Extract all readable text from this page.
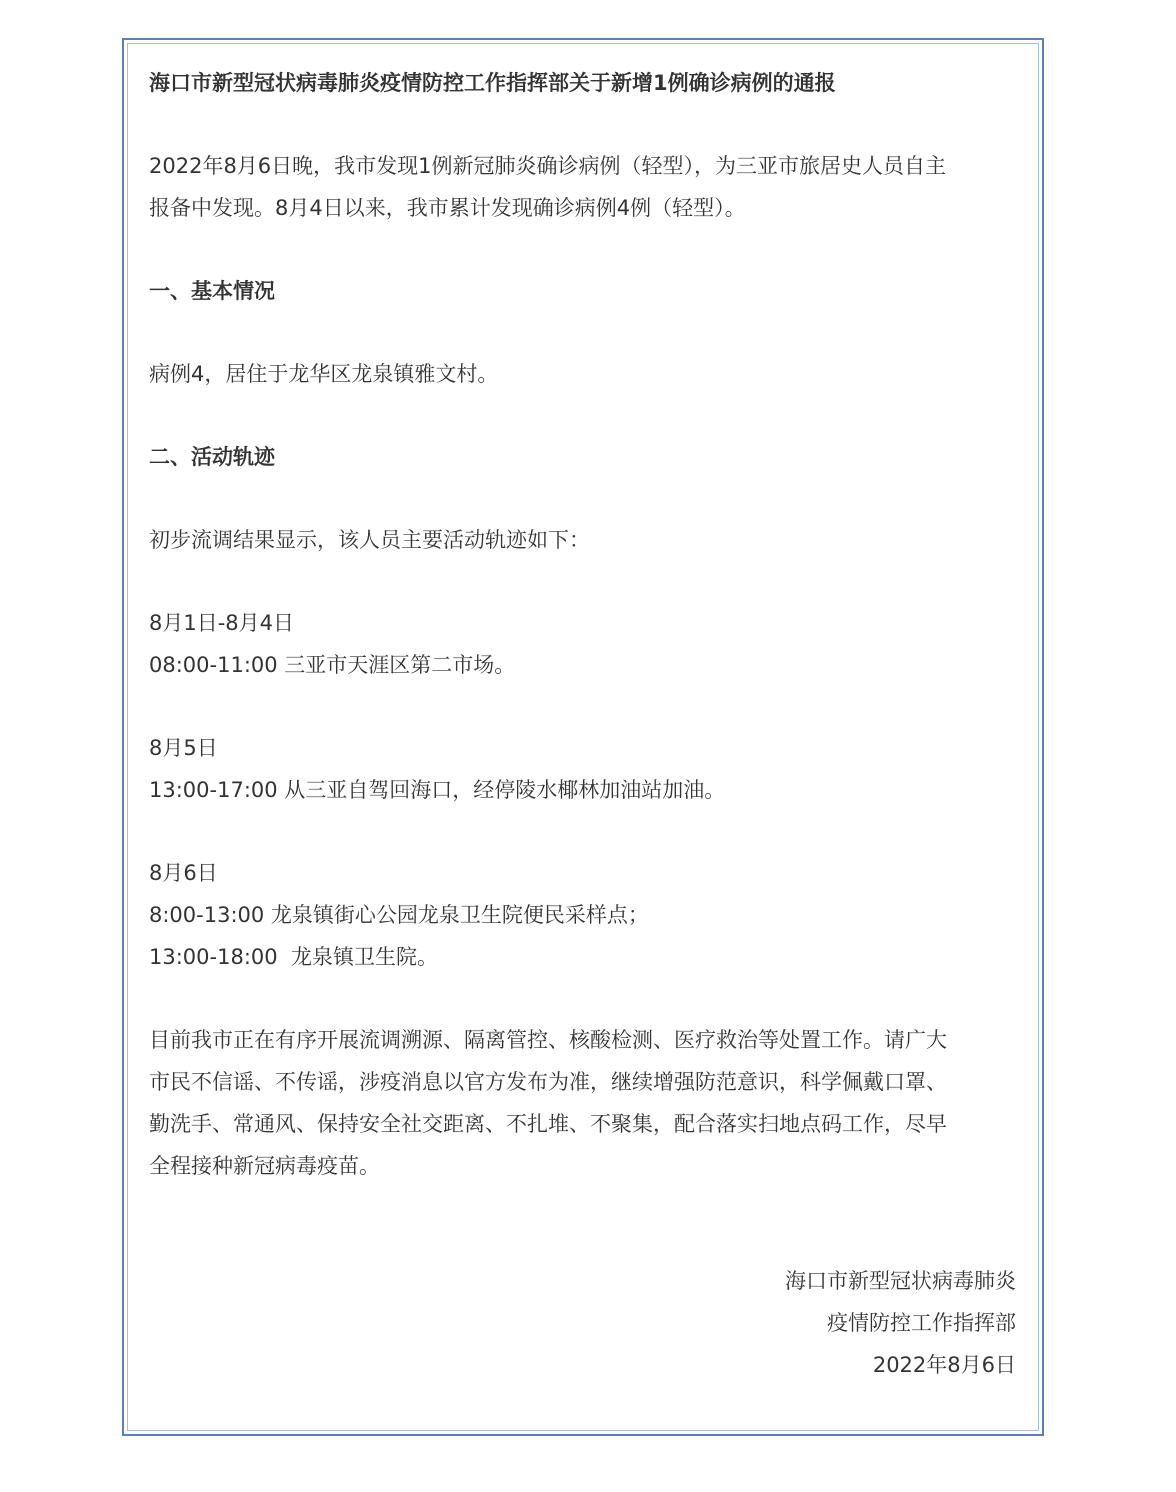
海口市新型冠状病毒肺炎疫情防控工作指挥部关于新增1例确诊病例的通报

2022年8月6日晚，我市发现1例新冠肺炎确诊病例（轻型），为三亚市旅居史人员自主

报备中发现。8月4日以来，我市累计发现确诊病例4例（轻型）。

一、基本情况

病例4，居住于龙华区龙泉镇雅文村。

二、活动轨迹

初步流调结果显示，该人员主要活动轨迹如下：

8月1日-8月4日

08:00-11:00 三亚市天涯区第二市场。

8月5日

13:00-17:00 从三亚自驾回海口，经停陵水椰林加油站加油。

8月6日

8:00-13:00 龙泉镇街心公园龙泉卫生院便民采样点；

13:00-18:00  龙泉镇卫生院。

目前我市正在有序开展流调溯源、隔离管控、核酸检测、医疗救治等处置工作。请广大

市民不信谣、不传谣，涉疫消息以官方发布为准，继续增强防范意识，科学佩戴口罩、

勤洗手、常通风、保持安全社交距离、不扎堆、不聚集，配合落实扫地点码工作，尽早

全程接种新冠病毒疫苗。

海口市新型冠状病毒肺炎
疫情防控工作指挥部
2022年8月6日
